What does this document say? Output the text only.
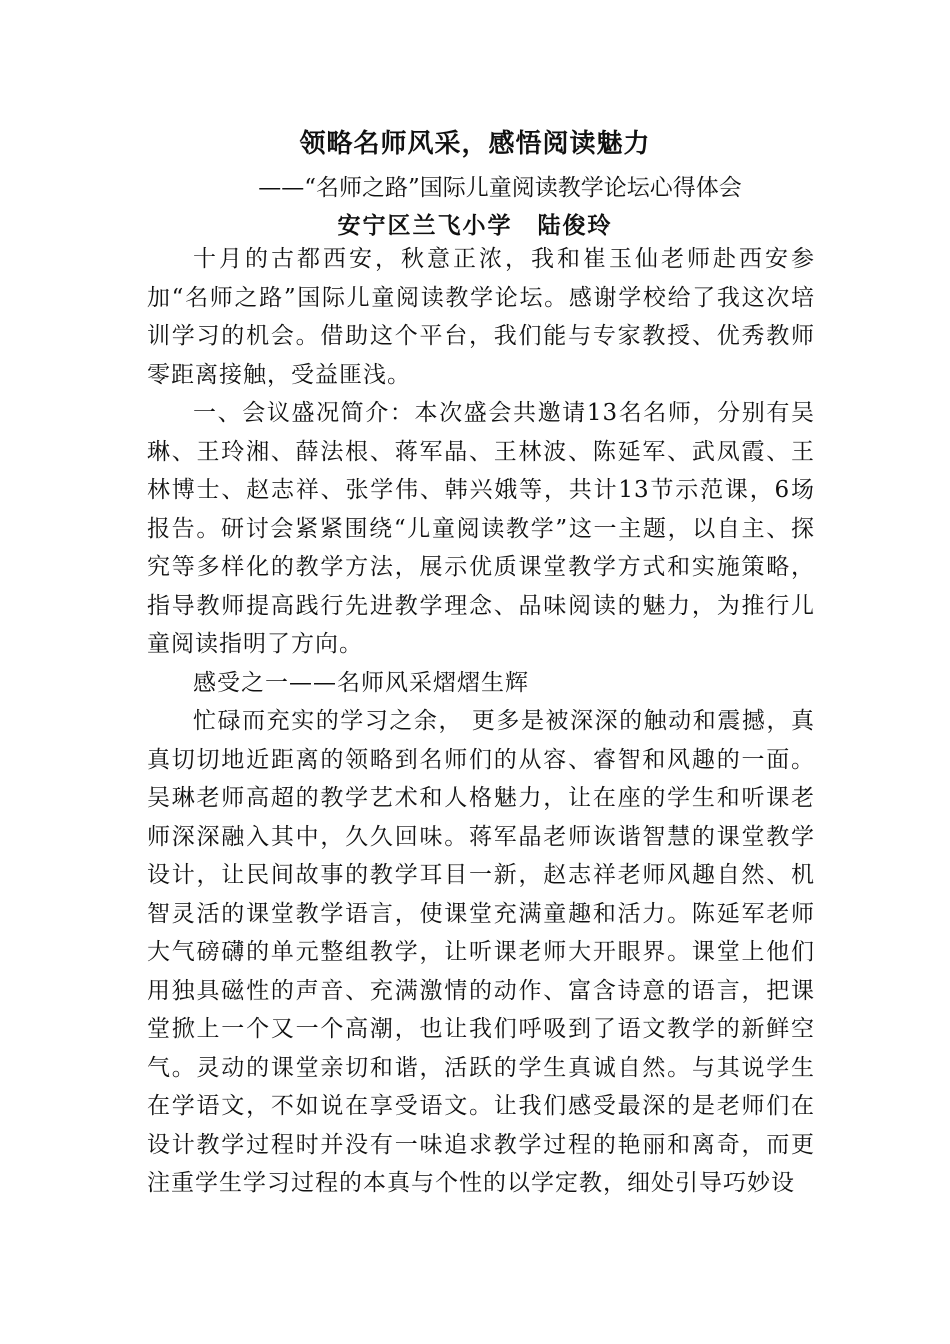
领略名师风采，感悟阅读魅力
——“名师之路”国际儿童阅读教学论坛心得体会
安宁区兰飞小学　陆俊玲

十月的古都西安，秋意正浓，我和崔玉仙老师赴西安参加“名师之路”国际儿童阅读教学论坛。感谢学校给了我这次培训学习的机会。借助这个平台，我们能与专家教授、优秀教师零距离接触，受益匪浅。

一、会议盛况简介：本次盛会共邀请13名名师，分别有吴琳、王玲湘、薛法根、蒋军晶、王林波、陈延军、武凤霞、王林博士、赵志祥、张学伟、韩兴娥等，共计13节示范课，6场报告。研讨会紧紧围绕“儿童阅读教学”这一主题，以自主、探究等多样化的教学方法，展示优质课堂教学方式和实施策略，指导教师提高践行先进教学理念、品味阅读的魅力，为推行儿童阅读指明了方向。

感受之一——名师风采熠熠生辉

忙碌而充实的学习之余， 更多是被深深的触动和震撼，真真切切地近距离的领略到名师们的从容、睿智和风趣的一面。吴琳老师高超的教学艺术和人格魅力，让在座的学生和听课老师深深融入其中，久久回味。蒋军晶老师诙谐智慧的课堂教学设计，让民间故事的教学耳目一新，赵志祥老师风趣自然、机智灵活的课堂教学语言，使课堂充满童趣和活力。陈延军老师大气磅礴的单元整组教学，让听课老师大开眼界。课堂上他们用独具磁性的声音、充满激情的动作、富含诗意的语言，把课堂掀上一个又一个高潮，也让我们呼吸到了语文教学的新鲜空气。灵动的课堂亲切和谐，活跃的学生真诚自然。与其说学生在学语文，不如说在享受语文。让我们感受最深的是老师们在设计教学过程时并没有一味追求教学过程的艳丽和离奇，而更注重学生学习过程的本真与个性的以学定教，细处引导巧妙设
